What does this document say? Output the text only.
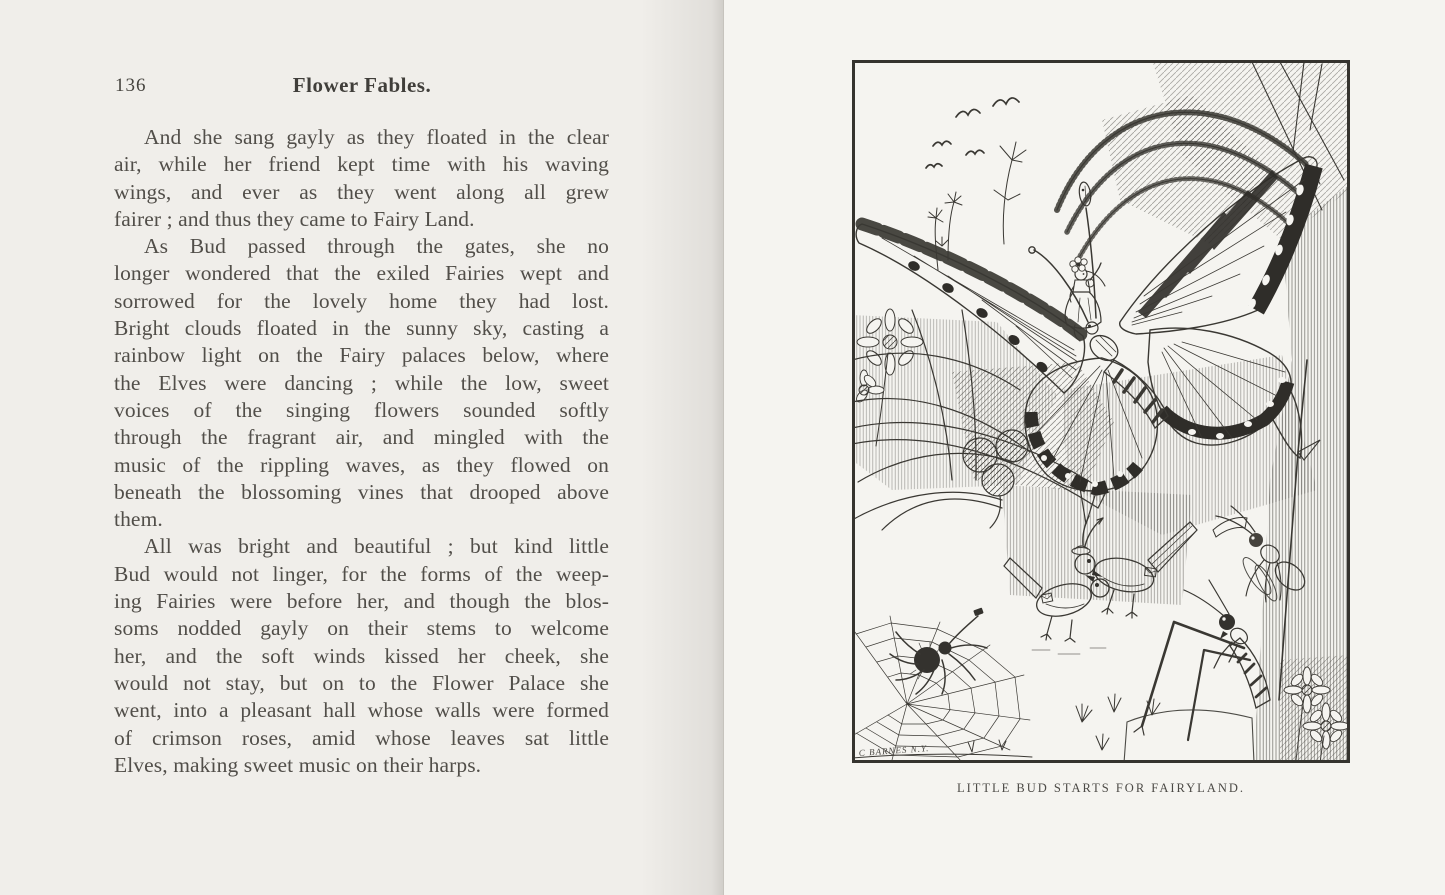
136	Flower Fables.
And she sang gayly as they floated in the clear
air, while her friend kept time with his waving
wings, and ever as they went along all grew
fairer ; and thus they came to Fairy Land.
As Bud passed through the gates, she no
longer wondered that the exiled Fairies wept and
sorrowed for the lovely home they had lost.
Bright clouds floated in the sunny sky, casting a
rainbow light on the Fairy palaces below, where
the Elves were dancing ; while the low, sweet
voices of the singing flowers sounded softly
through the fragrant air, and mingled with the
music of the rippling waves, as they flowed on
beneath the blossoming vines that drooped above
them.
All was bright and beautiful ; but kind little
Bud would not linger, for the forms of the weep-
ing Fairies were before her, and though the blos-
soms nodded gayly on their stems to welcome
her, and the soft winds kissed her cheek, she
would not stay, but on to the Flower Palace she
went, into a pleasant hall whose walls were formed
of crimson roses, amid whose leaves sat little
Elves, making sweet music on their harps.
C BARNES N.Y.
LITTLE BUD STARTS FOR FAIRYLAND.
